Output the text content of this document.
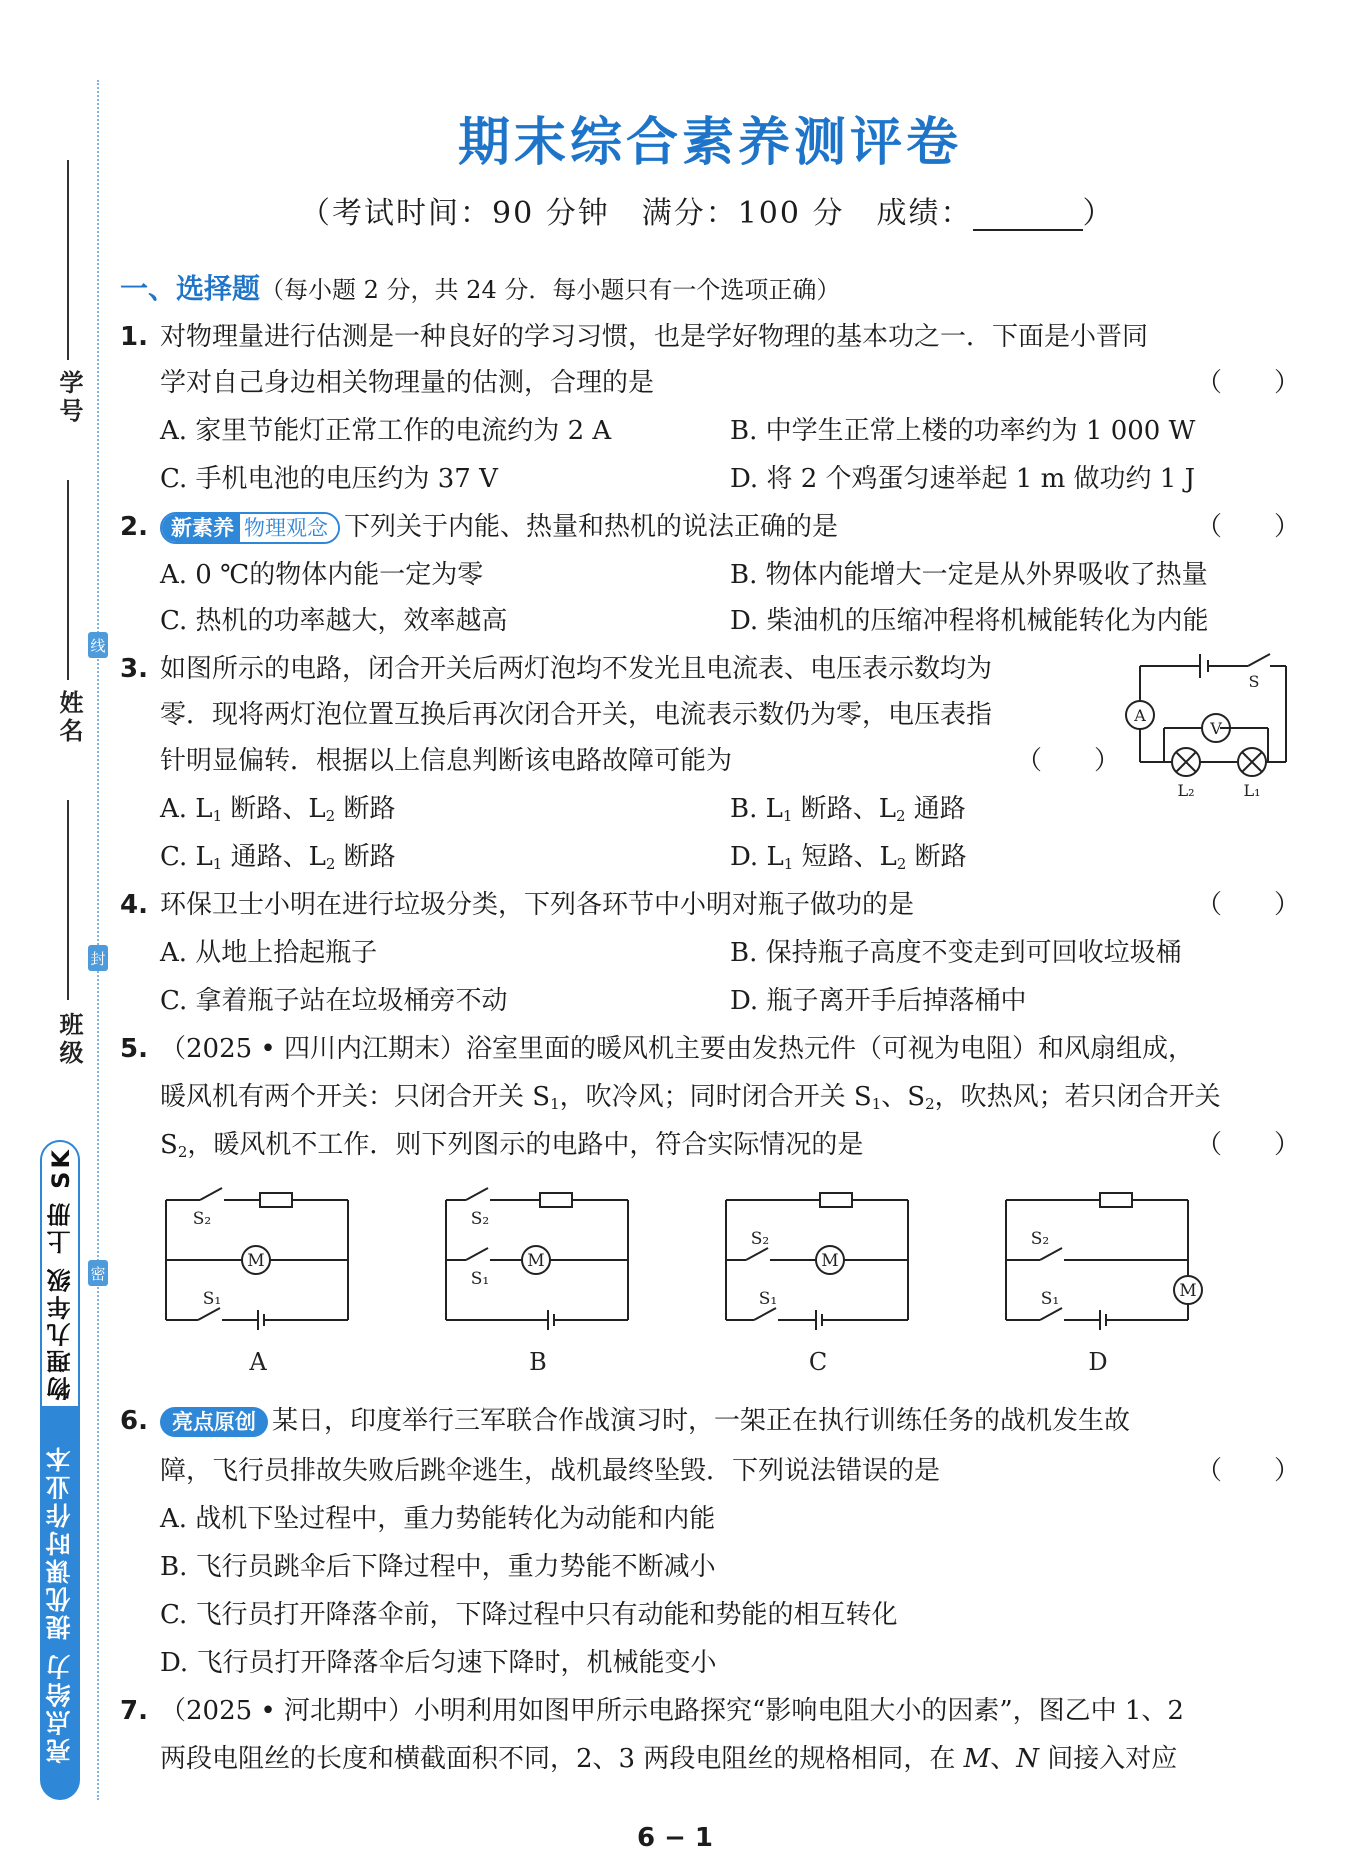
学号
姓名
班级
线
封
密
物理九年级 上册 SK
亮点给力 提优课时作业本
期末综合素养测评卷
（考试时间：90 分钟　满分：100 分　成绩：	）
一、选择题（每小题 2 分，共 24 分．每小题只有一个选项正确）
1. 对物理量进行估测是一种良好的学习习惯，也是学好物理的基本功之一．下面是小晋同
学对自己身边相关物理量的估测，合理的是	（　　）
A. 家里节能灯正常工作的电流约为 2 A	B. 中学生正常上楼的功率约为 1 000 W
C. 手机电池的电压约为 37 V	D. 将 2 个鸡蛋匀速举起 1 m 做功约 1 J
2.	新素养 物理观念 下列关于内能、热量和热机的说法正确的是	（　　）
A. 0 ℃的物体内能一定为零	B. 物体内能增大一定是从外界吸收了热量
C. 热机的功率越大，效率越高	D. 柴油机的压缩冲程将机械能转化为内能
3. 如图所示的电路，闭合开关后两灯泡均不发光且电流表、电压表示数均为
零．现将两灯泡位置互换后再次闭合开关，电流表示数仍为零，电压表指
针明显偏转．根据以上信息判断该电路故障可能为	（　　）
A. $L_1$ 断路、$L_2$ 断路	B. $L_1$ 断路、$L_2$ 通路
C. $L_1$ 通路、$L_2$ 断路	D. $L_1$ 短路、$L_2$ 断路
A
V
S
L₂	L₁
4. 环保卫士小明在进行垃圾分类，下列各环节中小明对瓶子做功的是	（　　）
A. 从地上拾起瓶子	B. 保持瓶子高度不变走到可回收垃圾桶
C. 拿着瓶子站在垃圾桶旁不动	D. 瓶子离开手后掉落桶中
5. （2025 • 四川内江期末）浴室里面的暖风机主要由发热元件（可视为电阻）和风扇组成，
暖风机有两个开关：只闭合开关 $S_1$，吹冷风；同时闭合开关 $S_1$、$S_2$，吹热风；若只闭合开关
$S_2$，暖风机不工作．则下列图示的电路中，符合实际情况的是	（　　）
M	M	M
M
S₂
S₁
S₂
S₁
S₂
S₁
S₂
S₁
A	B	C	D
6.	亮点原创 某日，印度举行三军联合作战演习时，一架正在执行训练任务的战机发生故
障，飞行员排故失败后跳伞逃生，战机最终坠毁．下列说法错误的是	（　　）
A. 战机下坠过程中，重力势能转化为动能和内能
B. 飞行员跳伞后下降过程中，重力势能不断减小
C. 飞行员打开降落伞前，下降过程中只有动能和势能的相互转化
D. 飞行员打开降落伞后匀速下降时，机械能变小
7. （2025 • 河北期中）小明利用如图甲所示电路探究“影响电阻大小的因素”，图乙中 1、2
两段电阻丝的长度和横截面积不同，2、3 两段电阻丝的规格相同，在 M、N 间接入对应
6 − 1
